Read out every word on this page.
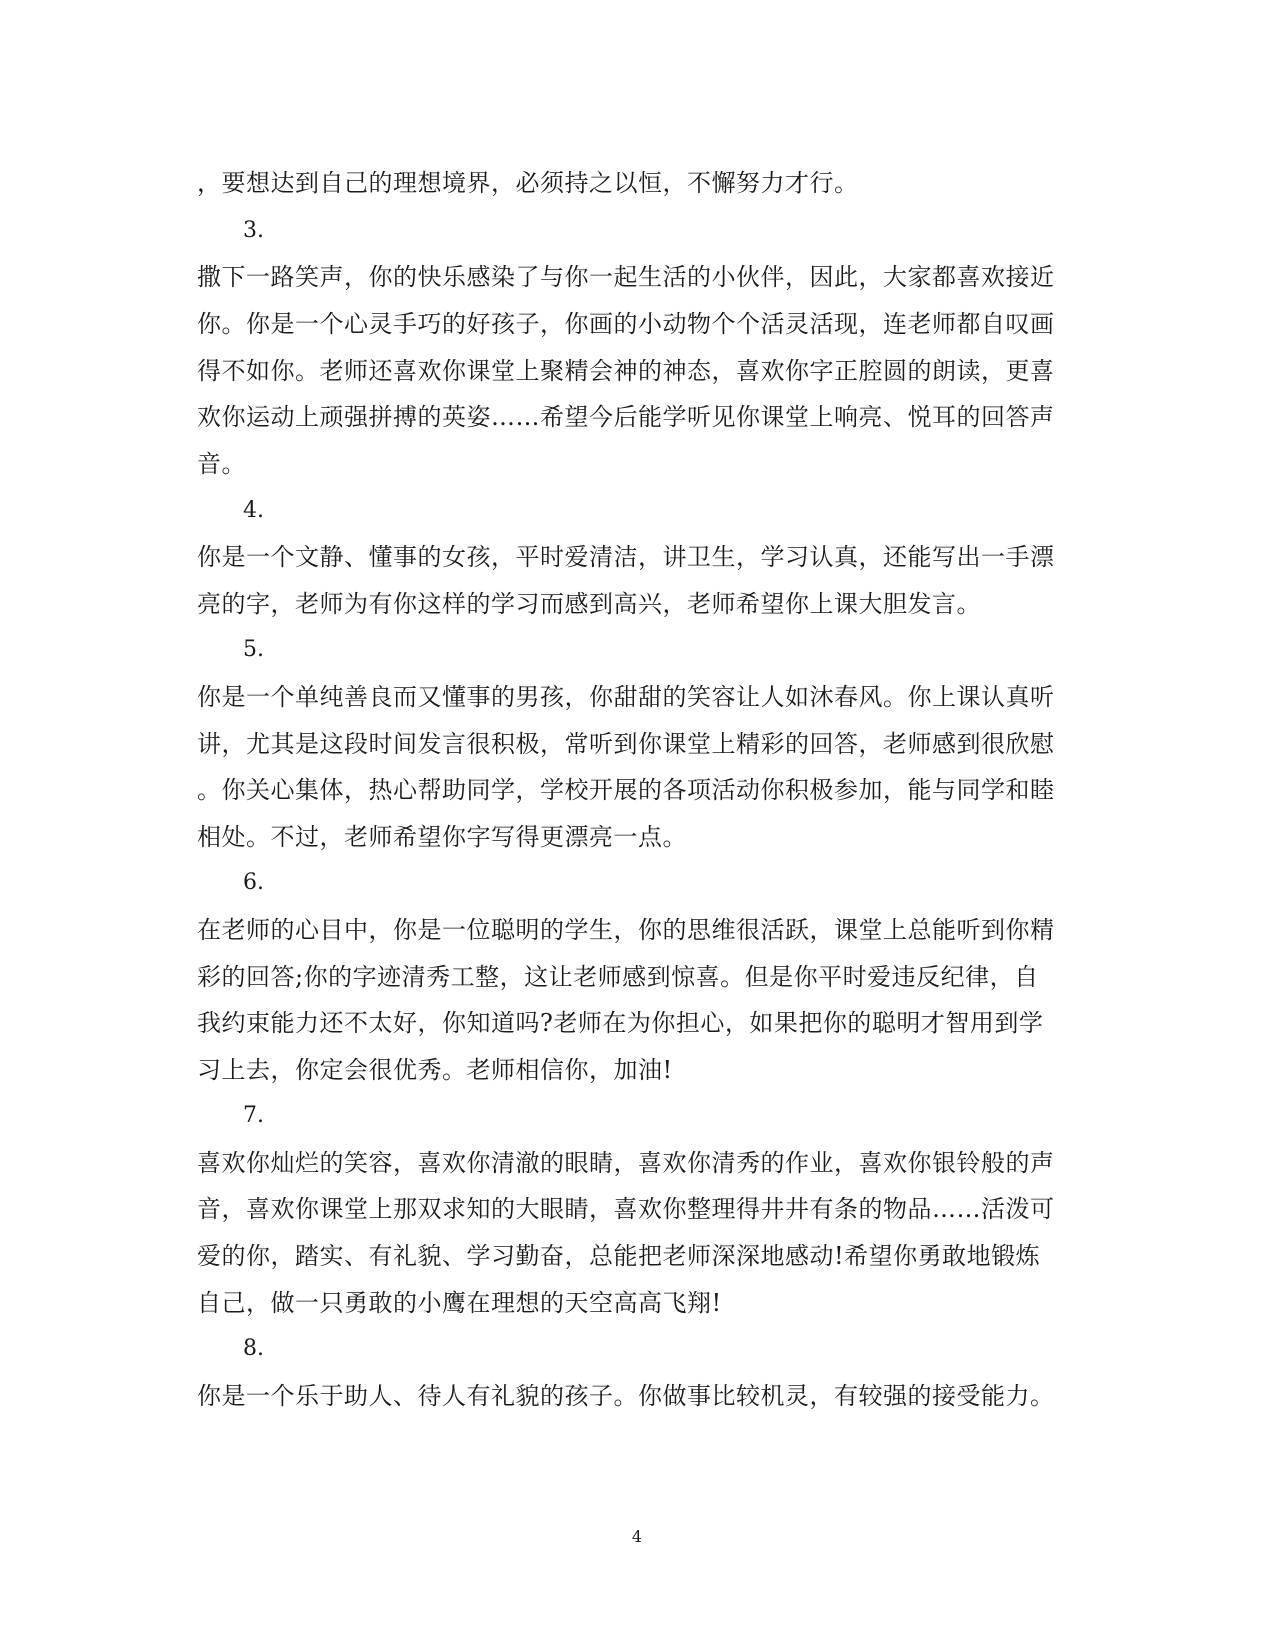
，要想达到自己的理想境界，必须持之以恒，不懈努力才行。
3.
撒下一路笑声，你的快乐感染了与你一起生活的小伙伴，因此，大家都喜欢接近
你。你是一个心灵手巧的好孩子，你画的小动物个个活灵活现，连老师都自叹画
得不如你。老师还喜欢你课堂上聚精会神的神态，喜欢你字正腔圆的朗读，更喜
欢你运动上顽强拼搏的英姿……希望今后能学听见你课堂上响亮、悦耳的回答声
音。
4.
你是一个文静、懂事的女孩，平时爱清洁，讲卫生，学习认真，还能写出一手漂
亮的字，老师为有你这样的学习而感到高兴，老师希望你上课大胆发言。
5.
你是一个单纯善良而又懂事的男孩，你甜甜的笑容让人如沐春风。你上课认真听
讲，尤其是这段时间发言很积极，常听到你课堂上精彩的回答，老师感到很欣慰
。你关心集体，热心帮助同学，学校开展的各项活动你积极参加，能与同学和睦
相处。不过，老师希望你字写得更漂亮一点。
6.
在老师的心目中，你是一位聪明的学生，你的思维很活跃，课堂上总能听到你精
彩的回答;你的字迹清秀工整，这让老师感到惊喜。但是你平时爱违反纪律，自
我约束能力还不太好，你知道吗?老师在为你担心，如果把你的聪明才智用到学
习上去，你定会很优秀。老师相信你，加油!
7.
喜欢你灿烂的笑容，喜欢你清澈的眼睛，喜欢你清秀的作业，喜欢你银铃般的声
音，喜欢你课堂上那双求知的大眼睛，喜欢你整理得井井有条的物品……活泼可
爱的你，踏实、有礼貌、学习勤奋，总能把老师深深地感动!希望你勇敢地锻炼
自己，做一只勇敢的小鹰在理想的天空高高飞翔!
8.
你是一个乐于助人、待人有礼貌的孩子。你做事比较机灵，有较强的接受能力。
4
